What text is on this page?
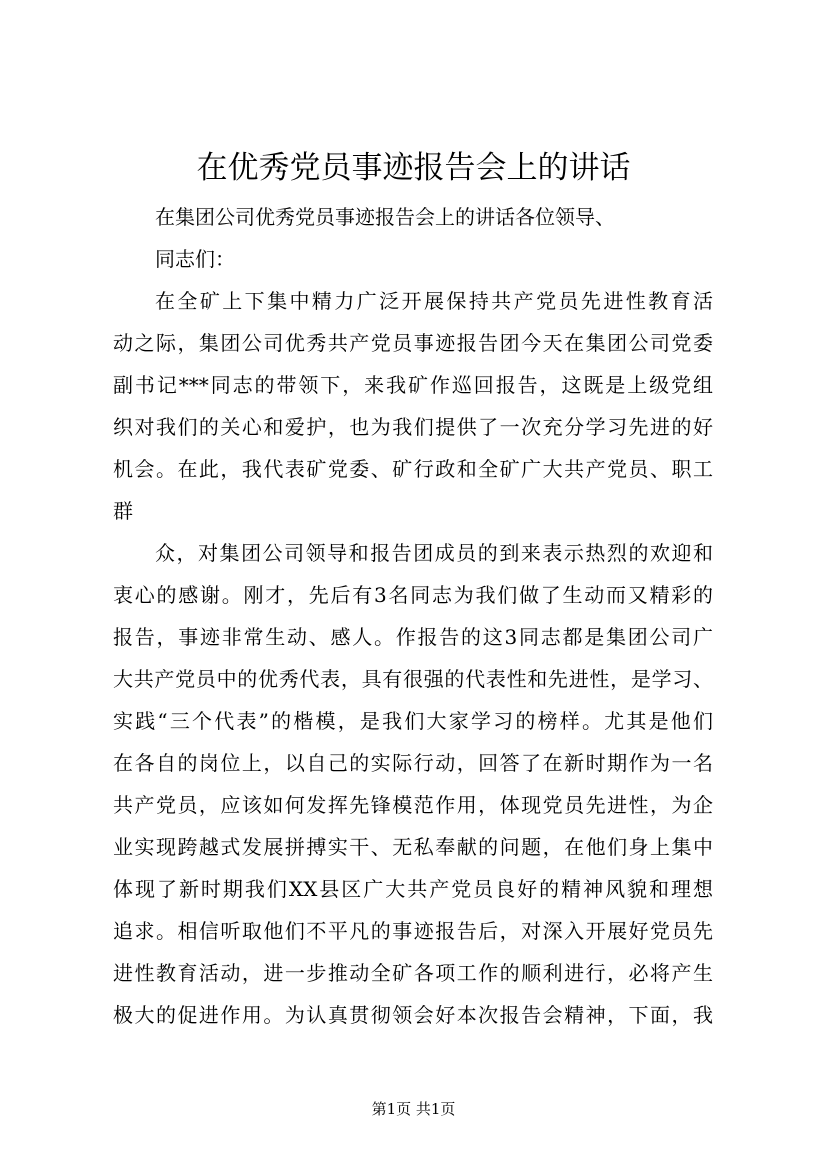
在优秀党员事迹报告会上的讲话
在集团公司优秀党员事迹报告会上的讲话各位领导、
同志们：
在全矿上下集中精力广泛开展保持共产党员先进性教育活
动之际，集团公司优秀共产党员事迹报告团今天在集团公司党委
副书记***同志的带领下，来我矿作巡回报告，这既是上级党组
织对我们的关心和爱护，也为我们提供了一次充分学习先进的好
机会。在此，我代表矿党委、矿行政和全矿广大共产党员、职工
群
众，对集团公司领导和报告团成员的到来表示热烈的欢迎和
衷心的感谢。刚才，先后有3名同志为我们做了生动而又精彩的
报告，事迹非常生动、感人。作报告的这3同志都是集团公司广
大共产党员中的优秀代表，具有很强的代表性和先进性，是学习、
实践“三个代表”的楷模，是我们大家学习的榜样。尤其是他们
在各自的岗位上，以自己的实际行动，回答了在新时期作为一名
共产党员，应该如何发挥先锋模范作用，体现党员先进性，为企
业实现跨越式发展拼搏实干、无私奉献的问题，在他们身上集中
体现了新时期我们XX县区广大共产党员良好的精神风貌和理想
追求。相信听取他们不平凡的事迹报告后，对深入开展好党员先
进性教育活动，进一步推动全矿各项工作的顺利进行，必将产生
极大的促进作用。为认真贯彻领会好本次报告会精神，下面，我
第1页 共1页
